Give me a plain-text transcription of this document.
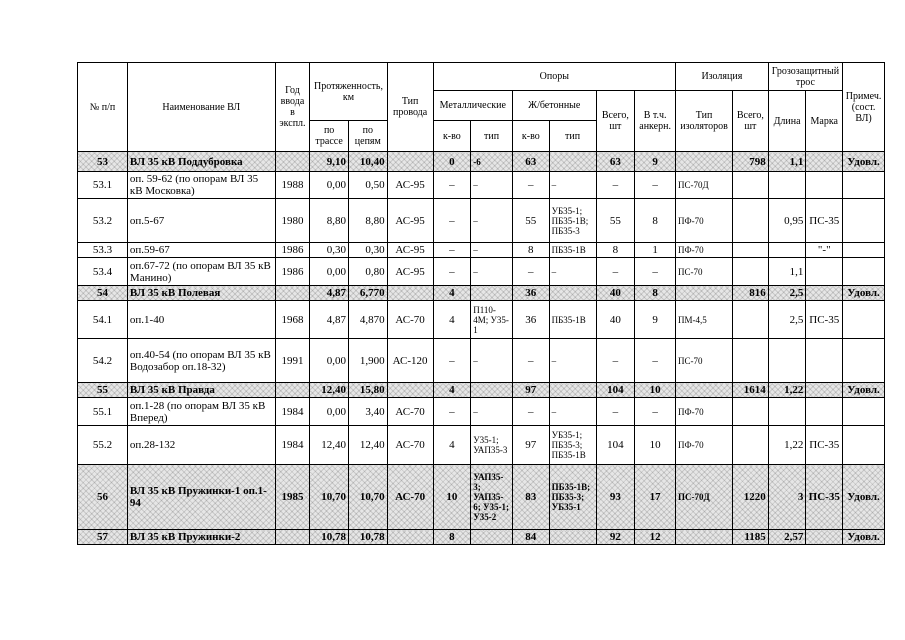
№ п/п	Наименование ВЛ	Год ввода в экспл.	Протяженность, км		Тип провода	Опоры						Изоляция		Грозозащитный трос		Примеч. (сост. ВЛ)
						Металлические		Ж/бетонные		Всего, шт	В т.ч. анкерн.	Тип изоляторов	Всего, шт	Длина	Марка	
			по трассе	по цепям		к-во	тип	к-во	тип							
53	ВЛ 35 кВ Поддубровка		9,10	10,40		0	-6	63		63	9		798	1,1		Удовл.
53.1	оп. 59-62 (по опорам ВЛ 35 кВ Московка)	1988	0,00	0,50	АС-95	–	–	–	–	–	–	ПС-70Д				
53.2	оп.5-67	1980	8,80	8,80	АС-95	–	–	55	УБ35-1; ПБ35-1В; ПБ35-3	55	8	ПФ-70		0,95	ПС-35	
53.3	оп.59-67	1986	0,30	0,30	АС-95	–	–	8	ПБ35-1В	8	1	ПФ-70			"-"	
53.4	оп.67-72 (по опорам ВЛ 35 кВ Манино)	1986	0,00	0,80	АС-95	–	–	–	–	–	–	ПС-70		1,1		
54	ВЛ 35 кВ Полевая		4,87	6,770		4		36		40	8		816	2,5		Удовл.
54.1	оп.1-40	1968	4,87	4,870	АС-70	4	П110-4М; У35-1	36	ПБ35-1В	40	9	ПМ-4,5		2,5	ПС-35	
54.2	оп.40-54 (по опорам ВЛ 35 кВ Водозабор оп.18-32)	1991	0,00	1,900	АС-120	–	–	–	–	–	–	ПС-70				
55	ВЛ 35 кВ Правда		12,40	15,80		4		97		104	10		1614	1,22		Удовл.
55.1	оп.1-28 (по опорам ВЛ 35 кВ Вперед)	1984	0,00	3,40	АС-70	–	–	–	–	–	–	ПФ-70				
55.2	оп.28-132	1984	12,40	12,40	АС-70	4	У35-1; УАП35-3	97	УБ35-1; ПБ35-3; ПБ35-1В	104	10	ПФ-70		1,22	ПС-35	
56	ВЛ 35 кВ Пружинки-1 оп.1-94	1985	10,70	10,70	АС-70	10	УАП35-3; УАП35-6; У35-1; У35-2	83	ПБ35-1В; ПБ35-3; УБ35-1	93	17	ПС-70Д	1220	3	ПС-35	Удовл.
57	ВЛ 35 кВ Пружинки-2		10,78	10,78		8		84		92	12		1185	2,57		Удовл.
